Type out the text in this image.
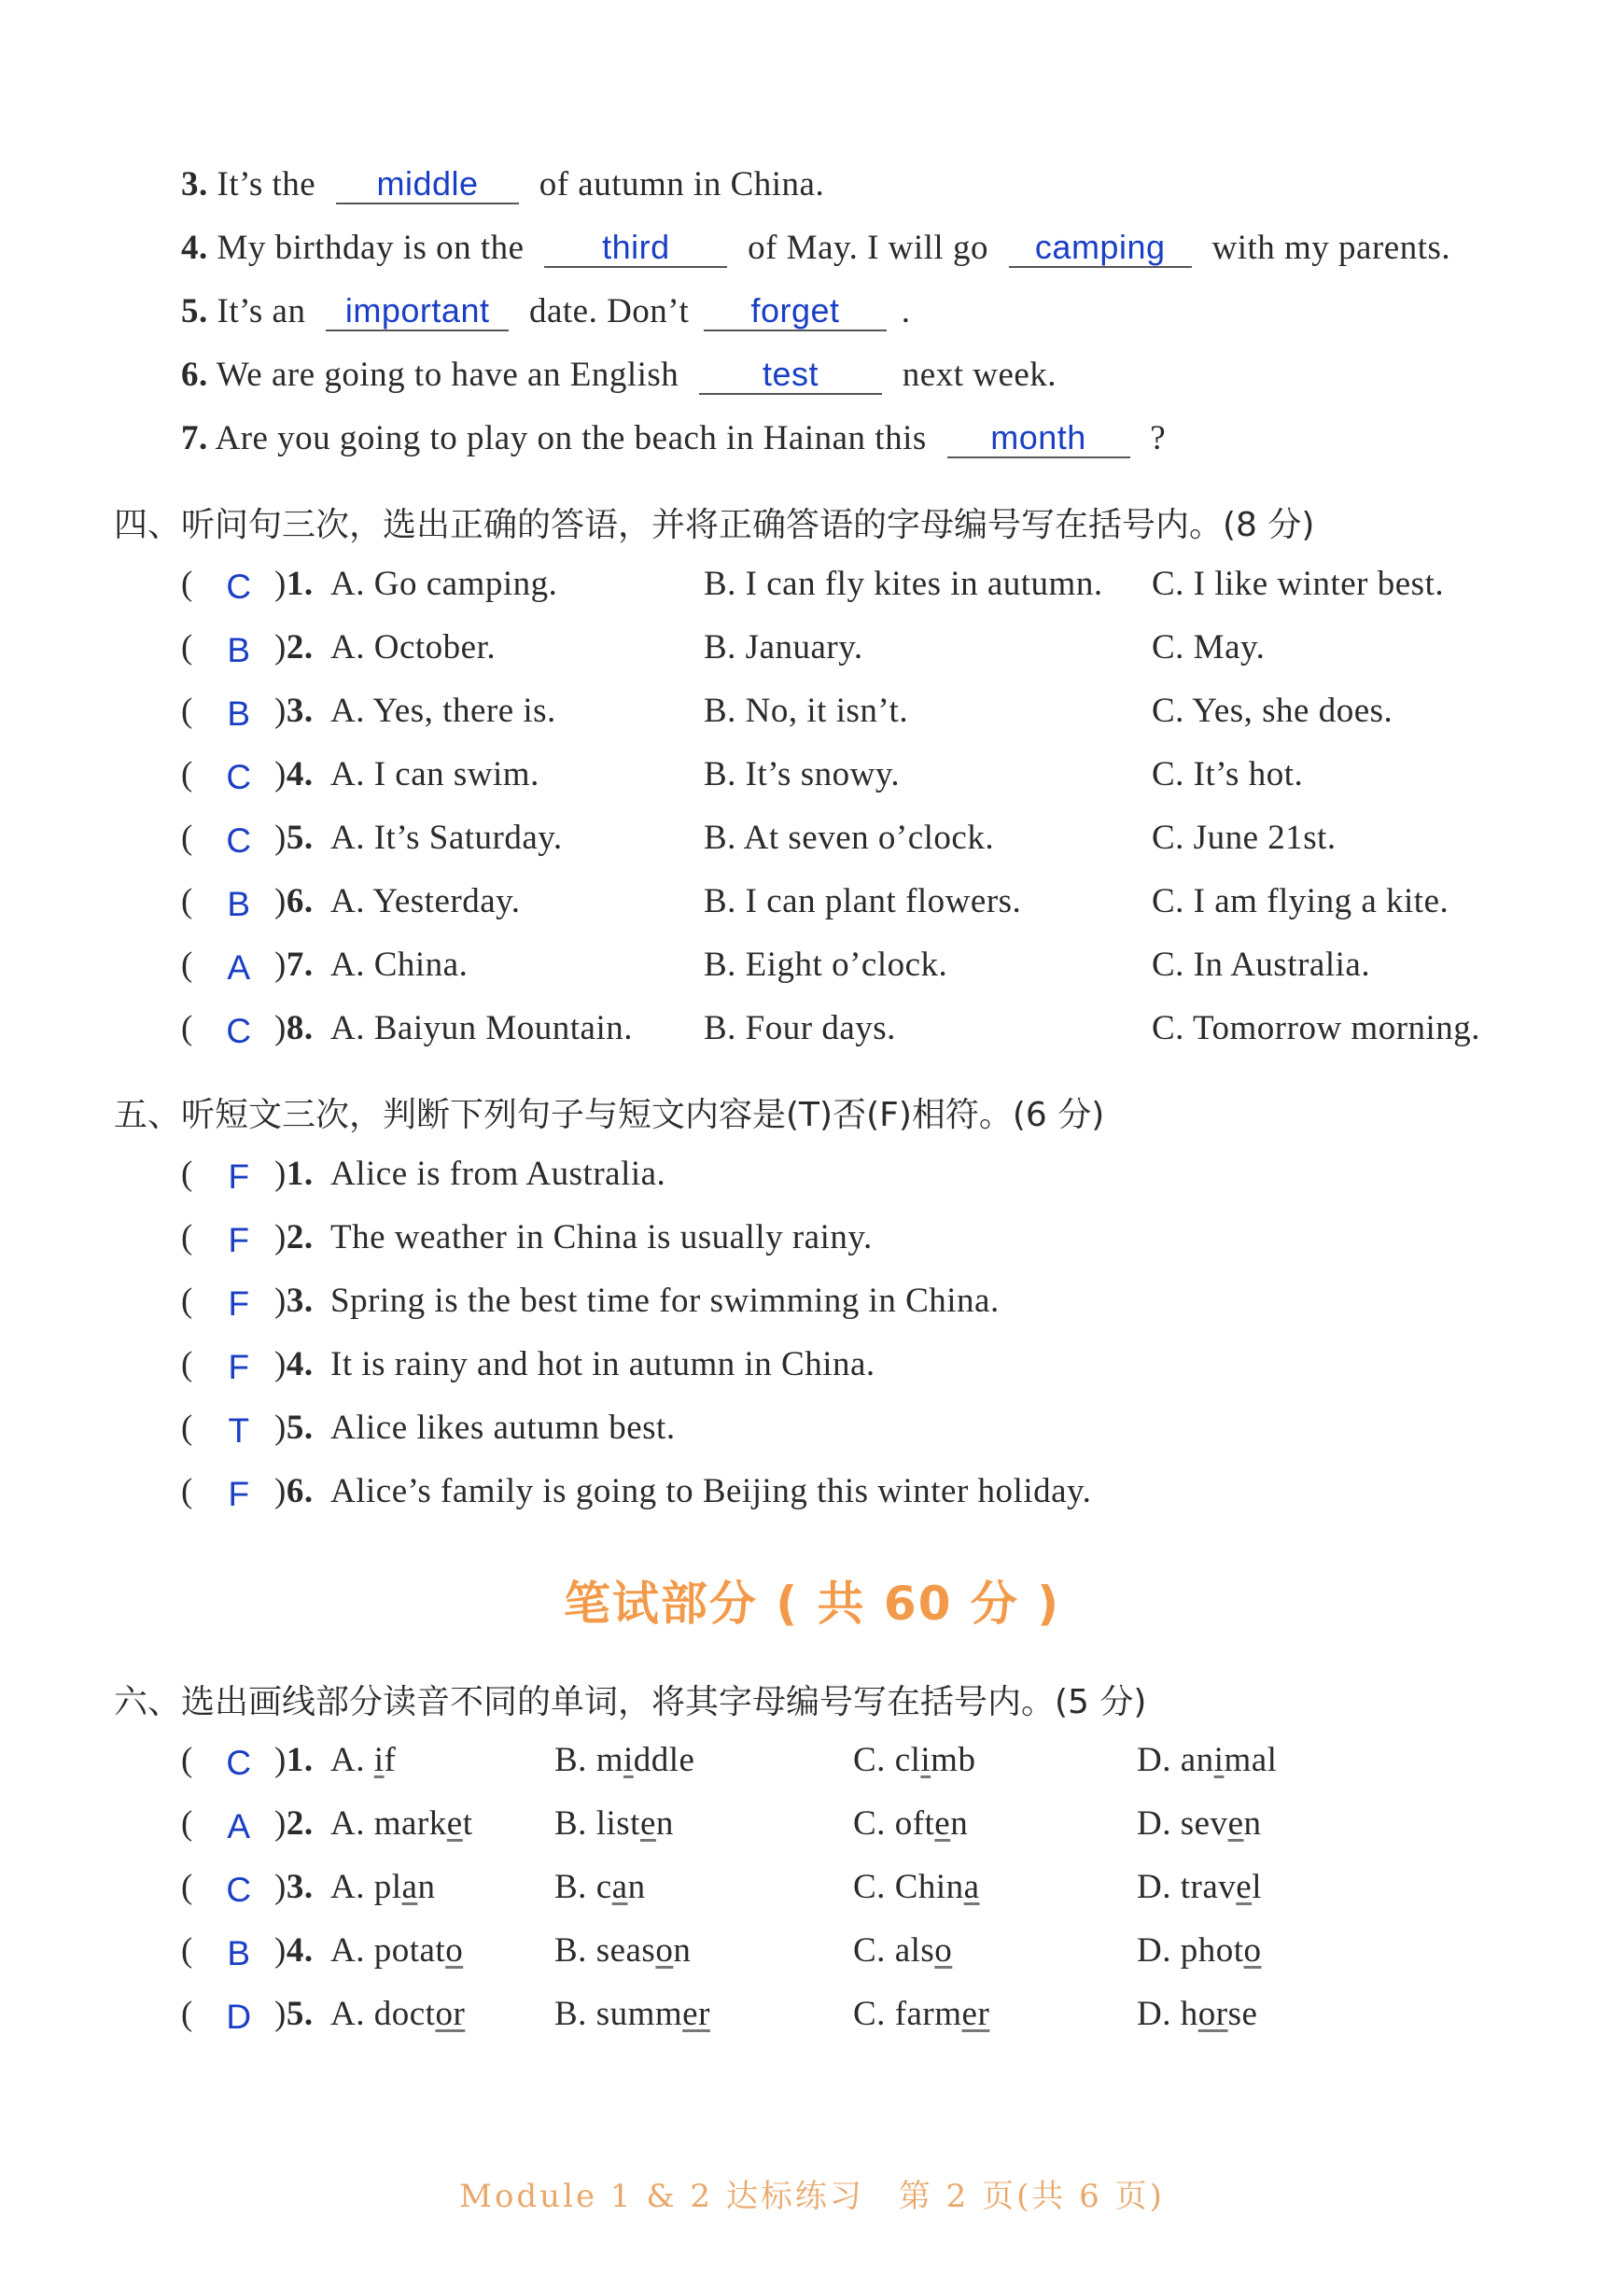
3. It’s the middle of autumn in China.
4. My birthday is on the third of May. I will go camping with my parents.
5. It’s an important date. Don’t forget .
6. We are going to have an English test next week.
7. Are you going to play on the beach in Hainan this month ?
四、听问句三次，选出正确的答语，并将正确答语的字母编号写在括号内。(8 分)
( C )1. A. Go camping.	B. I can fly kites in autumn. C. I like winter best.
( B )2. A. October.	B. January.	C. May.
( B )3. A. Yes, there is.	B. No, it isn’t.	C. Yes, she does.
( C )4. A. I can swim.	B. It’s snowy.	C. It’s hot.
( C )5. A. It’s Saturday.	B. At seven o’clock.	C. June 21st.
( B )6. A. Yesterday.	B. I can plant flowers.	C. I am flying a kite.
( A )7. A. China.	B. Eight o’clock.	C. In Australia.
( C )8. A. Baiyun Mountain. B. Four days.	C. Tomorrow morning.
五、听短文三次，判断下列句子与短文内容是(T)否(F)相符。(6 分)
( F )1. Alice is from Australia.
( F )2. The weather in China is usually rainy.
( F )3. Spring is the best time for swimming in China.
( F )4. It is rainy and hot in autumn in China.
( T )5. Alice likes autumn best.
( F )6. Alice’s family is going to Beijing this winter holiday.
笔试部分 ( 共 60 分 )
六、选出画线部分读音不同的单词，将其字母编号写在括号内。(5 分)
( C )1. A. if	B. middle	C. climb	D. animal
( A )2. A. market B. listen	C. often	D. seven
( C )3. A. plan	B. can	C. China	D. travel
( B )4. A. potato	B. season	C. also	D. photo
( D )5. A. doctor	B. summer	C. farmer	D. horse
Module 1 & 2 达标练习　第 2 页(共 6 页)
